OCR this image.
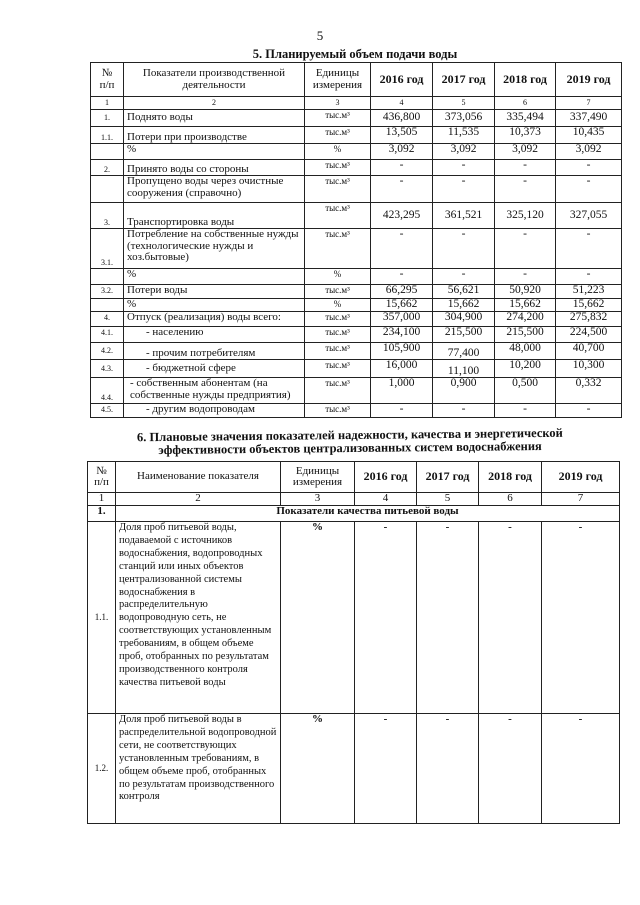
5
5. Планируемый объем подачи воды
№
п/п	Показатели производственной деятельности	Единицы измерения	2016 год	2017 год	2018 год	2019 год
1	2	3	4	5	6	7
1.	Поднято воды	тыс.м³	436,800	373,056	335,494	337,490
1.1.	Потери при производстве	тыс.м³	13,505	11,535	10,373	10,435
	%	%	3,092	3,092	3,092	3,092
2.	Принято воды со стороны	тыс.м³	-	-	-	-
	Пропущено воды через очистные сооружения (справочно)	тыс.м³	-	-	-	-
3.	Транспортировка воды	тыс.м³	423,295	361,521	325,120	327,055
3.1.	Потребление на собственные нужды (технологические нужды и хоз.бытовые)	тыс.м³	-	-	-	-
	%	%	-	-	-	-
3.2.	Потери воды	тыс.м³	66,295	56,621	50,920	51,223
	%	%	15,662	15,662	15,662	15,662
4.	Отпуск (реализация) воды всего:	тыс.м³	357,000	304,900	274,200	275,832
4.1.	- населению	тыс.м³	234,100	215,500	215,500	224,500
4.2.	- прочим потребителям	тыс.м³	105,900	77,400	48,000	40,700
4.3.	- бюджетной сфере	тыс.м³	16,000	11,100	10,200	10,300
4.4.	- собственным абонентам (на собственные нужды предприятия)	тыс.м³	1,000	0,900	0,500	0,332
4.5.	- другим водопроводам	тыс.м³	-	-	-	-
6. Плановые значения показателей надежности, качества и энергетической
эффективности объектов централизованных систем водоснабжения
№
п/п	Наименование показателя	Единицы измерения	2016 год	2017 год	2018 год	2019 год
1	2	3	4	5	6	7
1.	Показатели качества питьевой воды					
1.1.	Доля проб питьевой воды, подаваемой с источников водоснабжения, водопроводных станций или иных объектов централизованной системы водоснабжения в распределительную водопроводную сеть, не соответствующих установленным требованиям, в общем объеме проб, отобранных по результатам производственного контроля качества питьевой воды	%	-	-	-	-
1.2.	Доля проб питьевой воды в распределительной водопроводной сети, не соответствующих установленным требованиям, в общем объеме проб, отобранных по результатам производственного контроля	%	-	-	-	-
